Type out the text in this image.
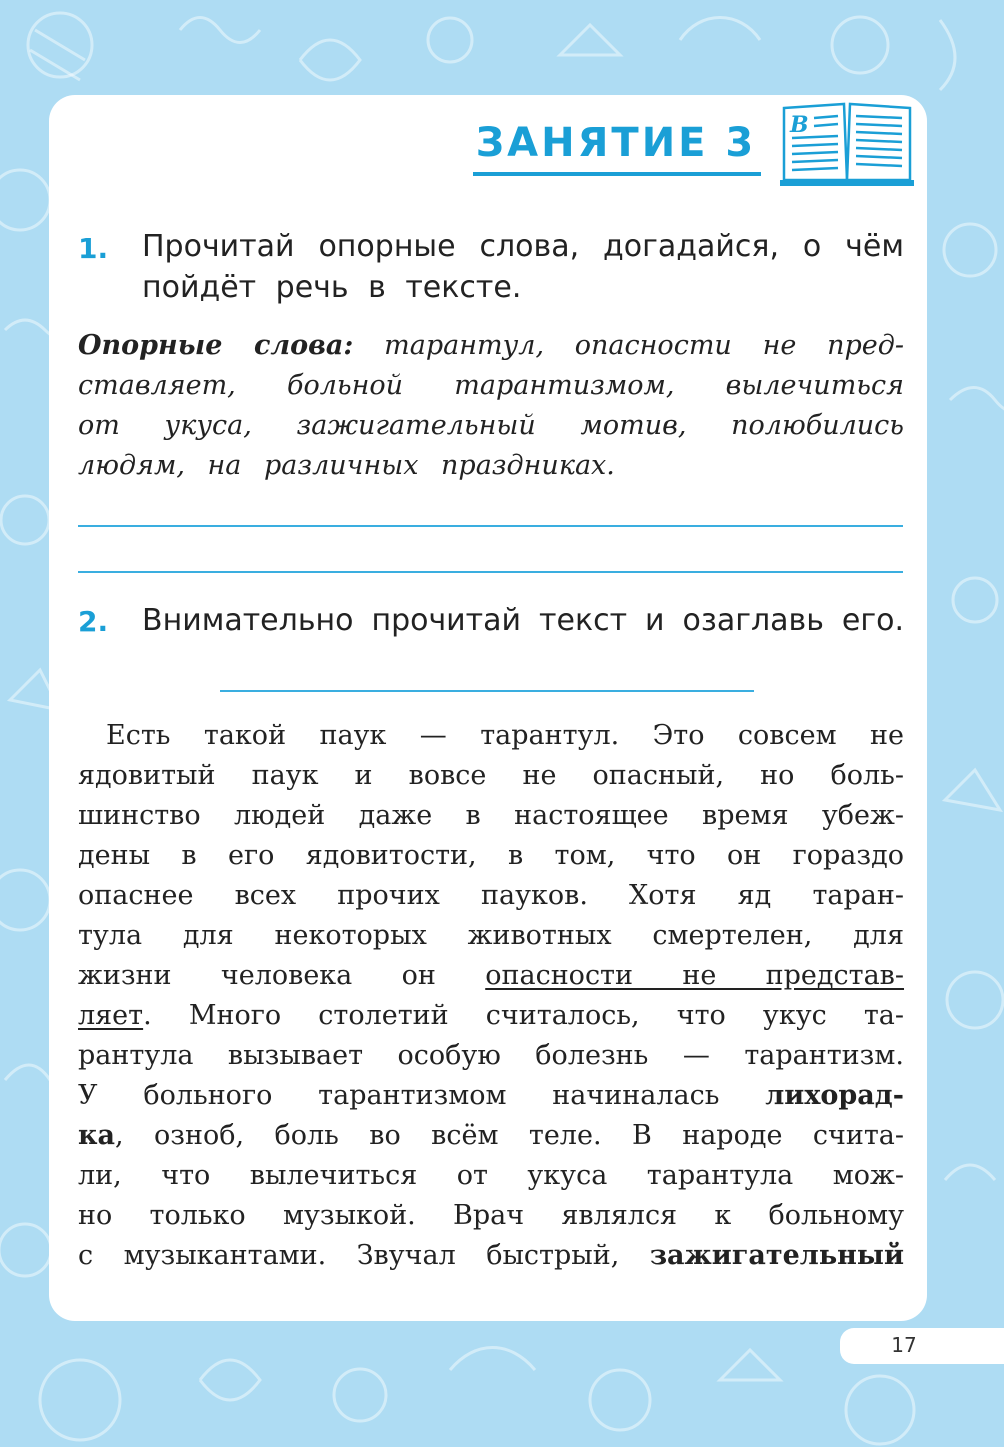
ЗАНЯТИЕ 3 B
1. Прочитай опорные слова, догадайся, о чём
пойдёт речь в тексте.
Опорные слова: тарантул, опасности не пред-
ставляет, больной тарантизмом, вылечиться
от укуса, зажигательный мотив, полюбились
людям, на различных праздниках.
2. Внимательно прочитай текст и озаглавь его.
Есть такой паук — тарантул. Это совсем не
ядовитый паук и вовсе не опасный, но боль-
шинство людей даже в настоящее время убеж-
дены в его ядовитости, в том, что он гораздо
опаснее всех прочих пауков. Хотя яд таран-
тула для некоторых животных смертелен, для
жизни человека он опасности не представ-
ляет . Много столетий считалось, что укус та-
рантула вызывает особую болезнь — тарантизм.
У больного тарантизмом начиналась лихорад-
ка , озноб, боль во всём теле. В народе счита-
ли, что вылечиться от укуса тарантула мож-
но только музыкой. Врач являлся к больному
с музыкантами. Звучал быстрый, зажигательный
17
